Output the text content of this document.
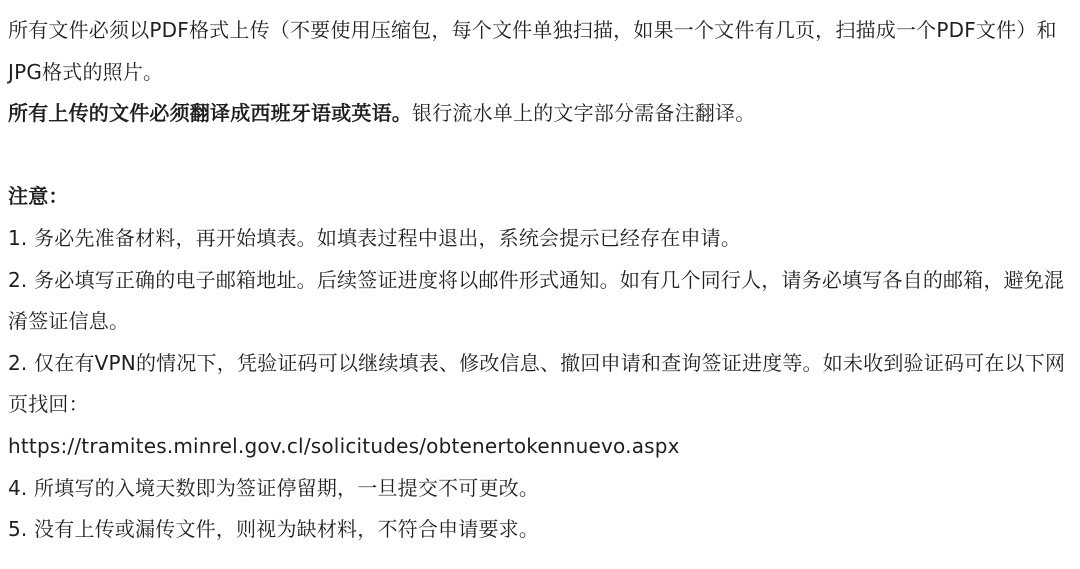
所有文件必须以PDF格式上传（不要使用压缩包，每个文件单独扫描，如果一个文件有几页，扫描成一个PDF文件）和JPG格式的照片。

所有上传的文件必须翻译成西班牙语或英语。银行流水单上的文字部分需备注翻译。

注意：

1. 务必先准备材料，再开始填表。如填表过程中退出，系统会提示已经存在申请。

2. 务必填写正确的电子邮箱地址。后续签证进度将以邮件形式通知。如有几个同行人，请务必填写各自的邮箱，避免混淆签证信息。

2. 仅在有VPN的情况下，凭验证码可以继续填表、修改信息、撤回申请和查询签证进度等。如未收到验证码可在以下网页找回：

https://tramites.minrel.gov.cl/solicitudes/obtenertokennuevo.aspx

4. 所填写的入境天数即为签证停留期，一旦提交不可更改。

5. 没有上传或漏传文件，则视为缺材料，不符合申请要求。
